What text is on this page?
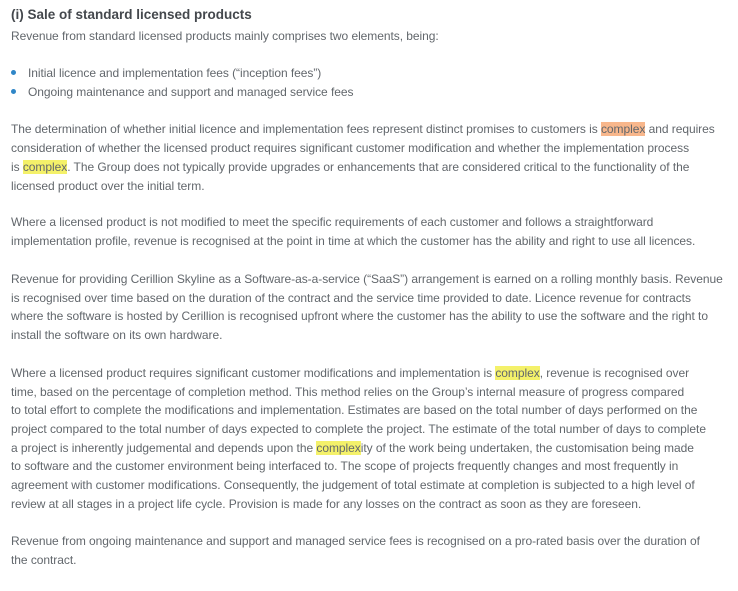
(i) Sale of standard licensed products
Revenue from standard licensed products mainly comprises two elements, being:
Initial licence and implementation fees (“inception fees”)
Ongoing maintenance and support and managed service fees
The determination of whether initial licence and implementation fees represent distinct promises to customers is complex and requires
consideration of whether the licensed product requires significant customer modification and whether the implementation process
is complex. The Group does not typically provide upgrades or enhancements that are considered critical to the functionality of the
licensed product over the initial term.
Where a licensed product is not modified to meet the specific requirements of each customer and follows a straightforward
implementation profile, revenue is recognised at the point in time at which the customer has the ability and right to use all licences.
Revenue for providing Cerillion Skyline as a Software-as-a-service (“SaaS”) arrangement is earned on a rolling monthly basis. Revenue
is recognised over time based on the duration of the contract and the service time provided to date. Licence revenue for contracts
where the software is hosted by Cerillion is recognised upfront where the customer has the ability to use the software and the right to
install the software on its own hardware.
Where a licensed product requires significant customer modifications and implementation is complex, revenue is recognised over
time, based on the percentage of completion method. This method relies on the Group’s internal measure of progress compared
to total effort to complete the modifications and implementation. Estimates are based on the total number of days performed on the
project compared to the total number of days expected to complete the project. The estimate of the total number of days to complete
a project is inherently judgemental and depends upon the complexity of the work being undertaken, the customisation being made
to software and the customer environment being interfaced to. The scope of projects frequently changes and most frequently in
agreement with customer modifications. Consequently, the judgement of total estimate at completion is subjected to a high level of
review at all stages in a project life cycle. Provision is made for any losses on the contract as soon as they are foreseen.
Revenue from ongoing maintenance and support and managed service fees is recognised on a pro-rated basis over the duration of
the contract.
